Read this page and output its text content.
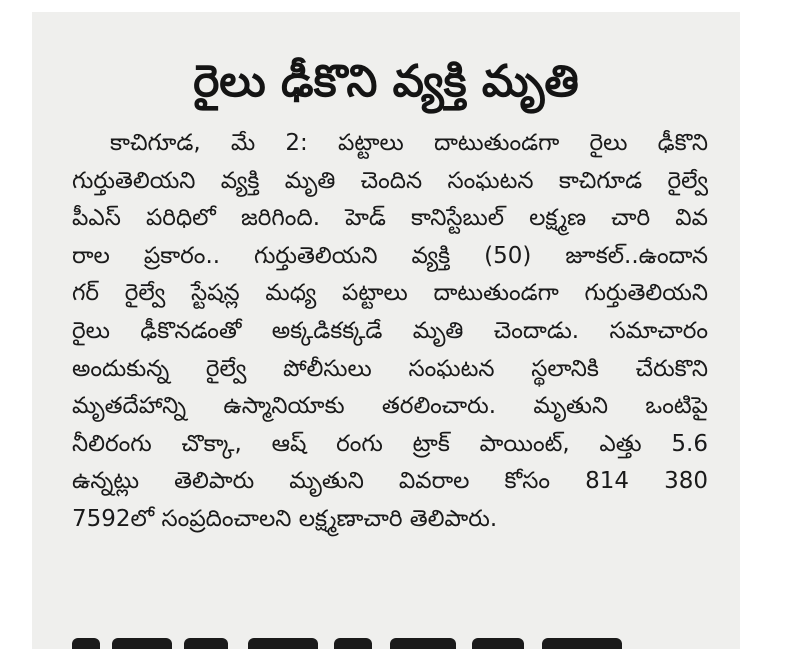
రైలు ఢీకొని వ్యక్తి మృతి
కాచిగూడ, మే 2: పట్టాలు దాటుతుండగా రైలు ఢీకొని
గుర్తుతెలియని వ్యక్తి మృతి చెందిన సంఘటన కాచిగూడ రైల్వే
పీఎస్ పరిధిలో జరిగింది. హెడ్ కానిస్టేబుల్ లక్ష్మణ చారి వివ
రాల ప్రకారం.. గుర్తుతెలియని వ్యక్తి (50) జూకల్..ఉందాన
గర్ రైల్వే స్టేషన్ల మధ్య పట్టాలు దాటుతుండగా గుర్తుతెలియని
రైలు ఢీకొనడంతో అక్కడికక్కడే మృతి చెందాడు. సమాచారం
అందుకున్న రైల్వే పోలీసులు సంఘటన స్థలానికి చేరుకొని
మృతదేహాన్ని ఉస్మానియాకు తరలించారు. మృతుని ఒంటిపై
నీలిరంగు చొక్కా, ఆష్ రంగు ట్రాక్ పాయింట్, ఎత్తు 5.6
ఉన్నట్లు తెలిపారు మృతుని వివరాల కోసం 814 380
7592లో సంప్రదించాలని లక్ష్మణాచారి తెలిపారు.
